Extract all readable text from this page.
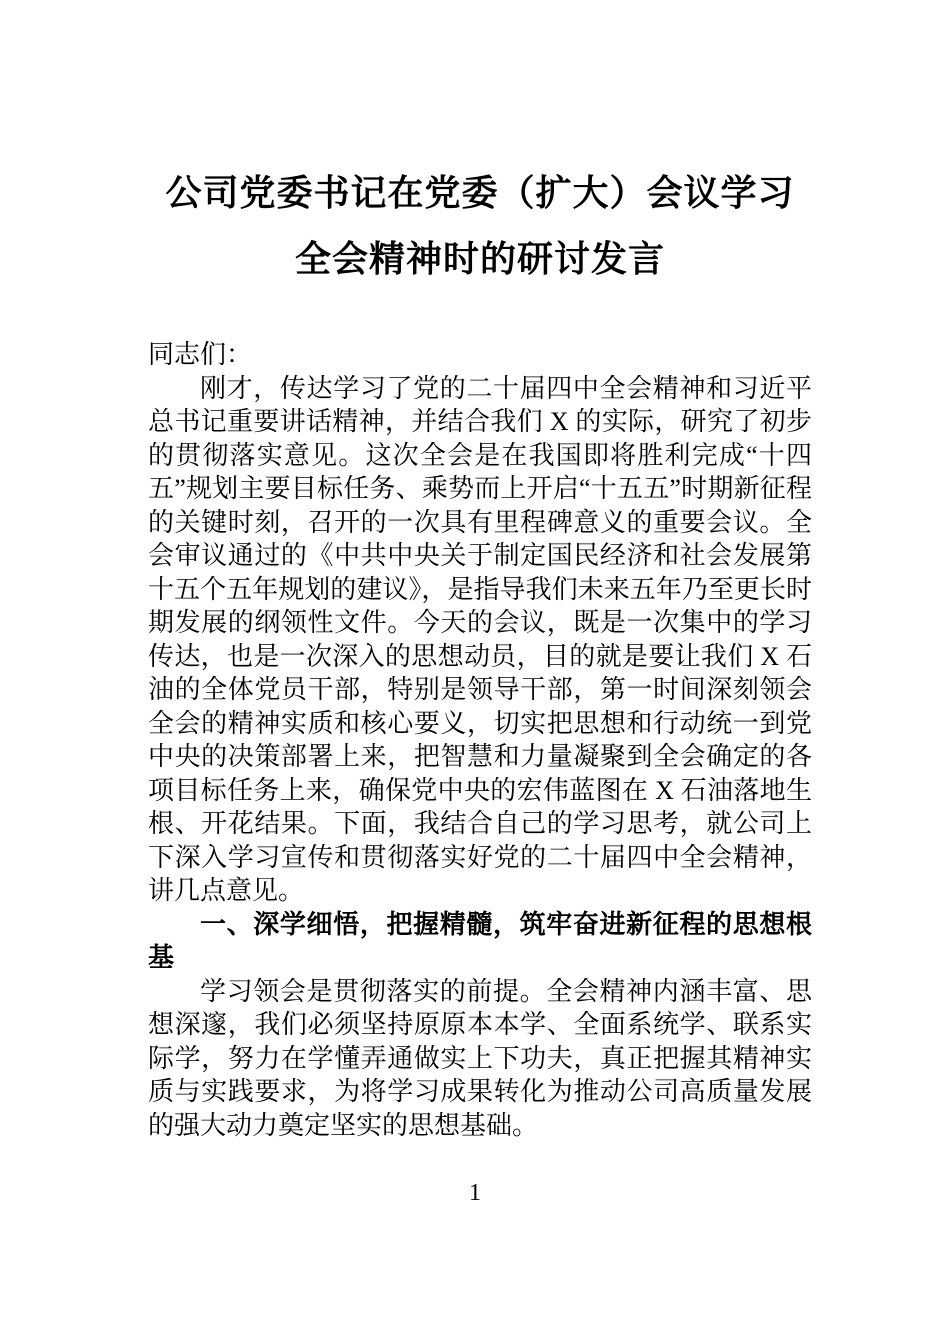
公司党委书记在党委（扩大）会议学习全会精神时的研讨发言

同志们：

刚才，传达学习了党的二十届四中全会精神和习近平总书记重要讲话精神，并结合我们 X 的实际，研究了初步的贯彻落实意见。这次全会是在我国即将胜利完成“十四五”规划主要目标任务、乘势而上开启“十五五”时期新征程的关键时刻，召开的一次具有里程碑意义的重要会议。全会审议通过的《中共中央关于制定国民经济和社会发展第十五个五年规划的建议》，是指导我们未来五年乃至更长时期发展的纲领性文件。今天的会议，既是一次集中的学习传达，也是一次深入的思想动员，目的就是要让我们 X 石油的全体党员干部，特别是领导干部，第一时间深刻领会全会的精神实质和核心要义，切实把思想和行动统一到党中央的决策部署上来，把智慧和力量凝聚到全会确定的各项目标任务上来，确保党中央的宏伟蓝图在 X 石油落地生根、开花结果。下面，我结合自己的学习思考，就公司上下深入学习宣传和贯彻落实好党的二十届四中全会精神，讲几点意见。

一、深学细悟，把握精髓，筑牢奋进新征程的思想根基

学习领会是贯彻落实的前提。全会精神内涵丰富、思想深邃，我们必须坚持原原本本学、全面系统学、联系实际学，努力在学懂弄通做实上下功夫，真正把握其精神实质与实践要求，为将学习成果转化为推动公司高质量发展的强大动力奠定坚实的思想基础。

1
